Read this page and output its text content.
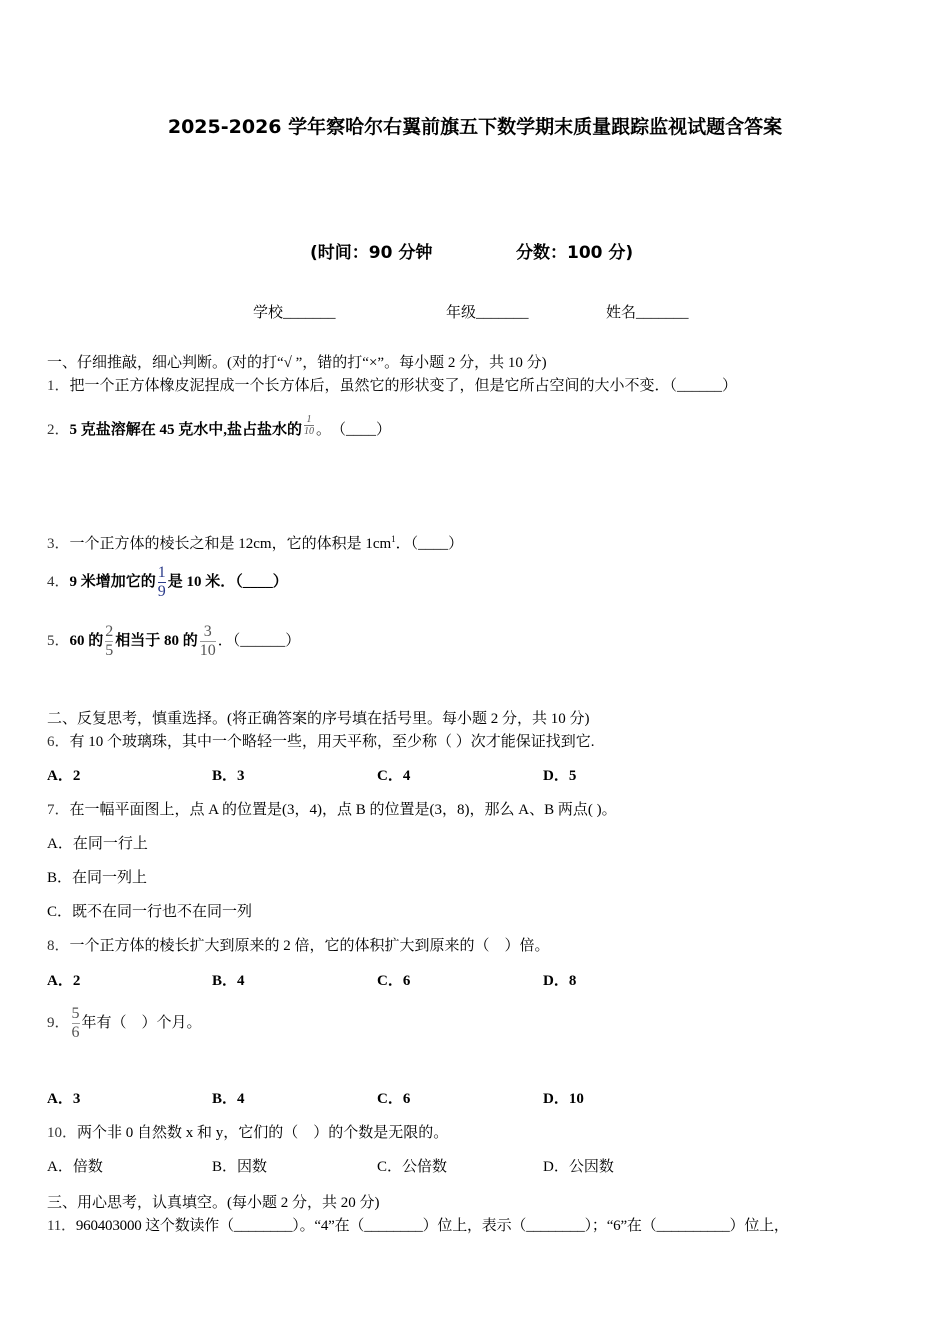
2025-2026 学年察哈尔右翼前旗五下数学期末质量跟踪监视试题含答案
(时间：90 分钟	分数：100 分)
学校_______	年级_______	姓名_______
一、仔细推敲，细心判断。(对的打“√ ”，错的打“×”。每小题 2 分，共 10 分)
1．把一个正方体橡皮泥捏成一个长方体后，虽然它的形状变了，但是它所占空间的大小不变．（______）
2．5 克盐溶解在 45 克水中,盐占盐水的 $\frac{1}{10}$ 。　（____）
3．一个正方体的棱长之和是 12cm，它的体积是 $1cm^1$．（____）
4．9 米增加它的 $\frac{1}{9}$ 是 10 米．（____）
5．60 的 $\frac{2}{5}$ 相当于 80 的 $\frac{3}{10}$ ．（______）
二、反复思考，慎重选择。(将正确答案的序号填在括号里。每小题 2 分，共 10 分)
6．有 10 个玻璃珠，其中一个略轻一些，用天平称，至少称（ ）次才能保证找到它.
A．2	B．3	C．4	D．5
7．在一幅平面图上，点 A 的位置是(3，4)，点 B 的位置是(3，8)，那么 A、B 两点( )。
A．在同一行上
B．在同一列上
C．既不在同一行也不在同一列
8．一个正方体的棱长扩大到原来的 2 倍，它的体积扩大到原来的（　）倍。
A．2	B．4	C．6	D．8
9． $\frac{5}{6}$ 年有（　）个月。
A．3	B．4	C．6	D．10
10．两个非 0 自然数 x 和 y，它们的（　）的个数是无限的。
A．倍数	B．因数	C．公倍数	D．公因数
三、用心思考，认真填空。(每小题 2 分，共 20 分)
11．960403000 这个数读作（________）。“4”在（________）位上，表示（________）；“6”在（__________）位上，
